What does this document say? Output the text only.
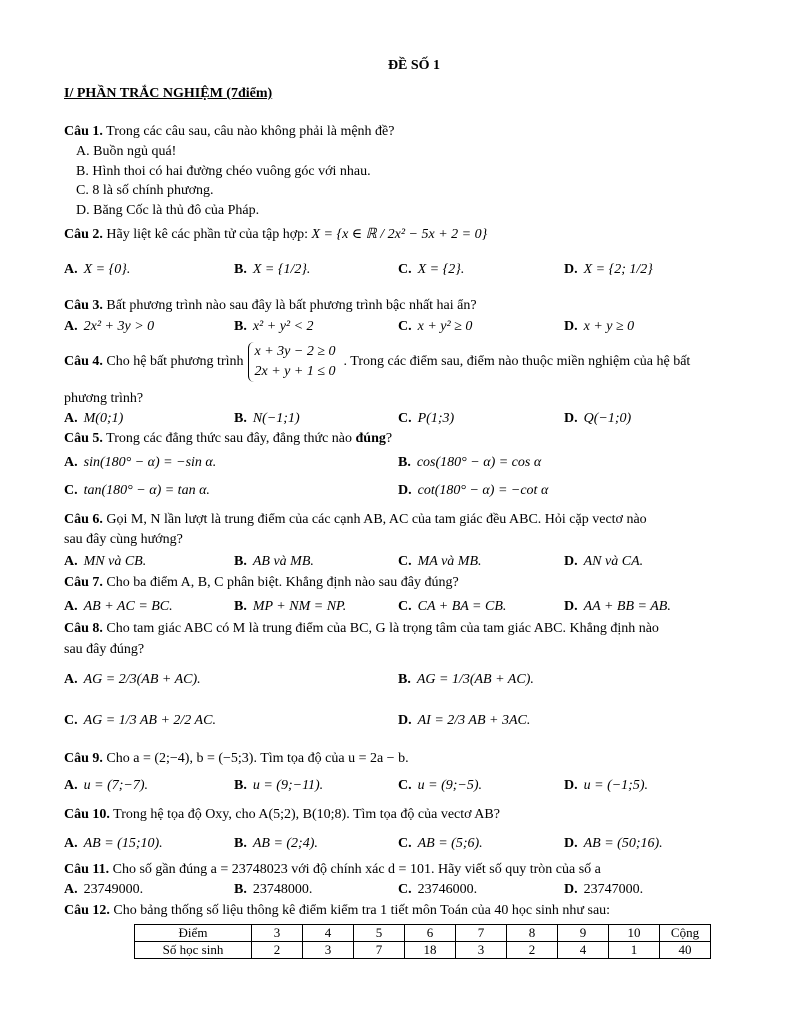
ĐỀ SỐ 1
I/ PHẦN TRẮC NGHIỆM (7điểm)
Câu 1. Trong các câu sau, câu nào không phải là mệnh đề?
A. Buồn ngủ quá!
B. Hình thoi có hai đường chéo vuông góc với nhau.
C. 8 là số chính phương.
D. Băng Cốc là thủ đô của Pháp.
Câu 2. Hãy liệt kê các phần tử của tập hợp: X = {x ∈ ℝ / 2x² − 5x + 2 = 0}
A. X = {0}.	B. X = {1/2}.	C. X = {2}.	D. X = {2; 1/2}
Câu 3. Bất phương trình nào sau đây là bất phương trình bậc nhất hai ẩn?
A. 2x² + 3y > 0	B. x² + y² < 2	C. x + y² ≥ 0	D. x + y ≥ 0
Câu 4. Cho hệ bất phương trìnhx + 3y − 2 ≥ 0
2x + y + 1 ≤ 0. Trong các điểm sau, điểm nào thuộc miền nghiệm của hệ bất
phương trình?
A. M(0;1)	B. N(−1;1)	C. P(1;3)	D. Q(−1;0)
Câu 5. Trong các đẳng thức sau đây, đẳng thức nào đúng?
A. sin(180° − α) = −sin α.	B. cos(180° − α) = cos α
C. tan(180° − α) = tan α.	D. cot(180° − α) = −cot α
Câu 6. Gọi M, N lần lượt là trung điểm của các cạnh AB, AC của tam giác đều ABC. Hỏi cặp vectơ nào
sau đây cùng hướng?
A. MN và CB.	B. AB và MB.	C. MA và MB.	D. AN và CA.
Câu 7. Cho ba điểm A, B, C phân biệt. Khẳng định nào sau đây đúng?
A. AB + AC = BC.	B. MP + NM = NP.	C. CA + BA = CB.	D. AA + BB = AB.
Câu 8. Cho tam giác ABC có M là trung điểm của BC, G là trọng tâm của tam giác ABC. Khẳng định nào
sau đây đúng?
A. AG = 2/3(AB + AC).	B. AG = 1/3(AB + AC).
C. AG = 1/3 AB + 2/2 AC.	D. AI = 2/3 AB + 3AC.
Câu 9. Cho a = (2;−4), b = (−5;3). Tìm tọa độ của u = 2a − b.
A. u = (7;−7).	B. u = (9;−11).	C. u = (9;−5).	D. u = (−1;5).
Câu 10. Trong hệ tọa độ Oxy, cho A(5;2), B(10;8). Tìm tọa độ của vectơ AB?
A. AB = (15;10).	B. AB = (2;4).	C. AB = (5;6).	D. AB = (50;16).
Câu 11. Cho số gần đúng a = 23748023 với độ chính xác d = 101. Hãy viết số quy tròn của số a
A. 23749000.	B. 23748000.	C. 23746000.	D. 23747000.
Câu 12. Cho bảng thống số liệu thông kê điểm kiểm tra 1 tiết môn Toán của 40 học sinh như sau:
Điểm	3	4	5	6	7	8	9	10	Cộng
Số học sinh	2	3	7	18	3	2	4	1	40
